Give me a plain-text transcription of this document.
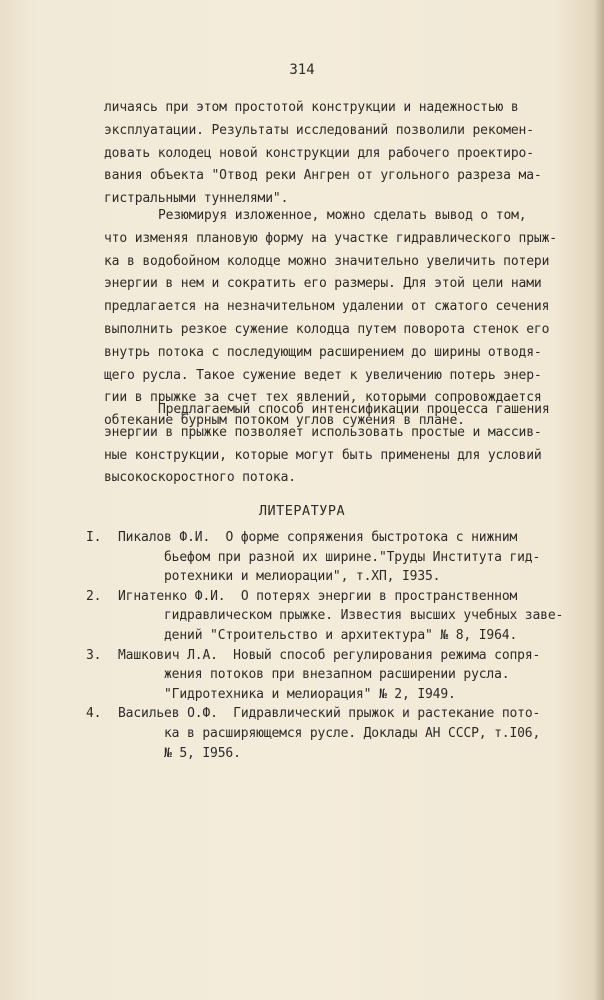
314
личаясь при этом простотой конструкции и надежностью в
эксплуатации. Результаты исследований позволили рекомен-
довать колодец новой конструкции для рабочего проектиро-
вания объекта "Отвод реки Ангрен от угольного разреза ма-
гистральными туннелями".
Резюмируя изложенное, можно сделать вывод о том,
что изменяя плановую форму на участке гидравлического прыж-
ка в водобойном колодце можно значительно увеличить потери
энергии в нем и сократить его размеры. Для этой цели нами
предлагается на незначительном удалении от сжатого сечения
выполнить резкое сужение колодца путем поворота стенок его
внутрь потока с последующим расширением до ширины отводя-
щего русла. Такое сужение ведет к увеличению потерь энер-
гии в прыжке за счет тех явлений, которыми сопровождается
обтекание бурным потоком углов сужения в плане.
Предлагаемый способ интенсификации процесса гашения
энергии в прыжке позволяет использовать простые и массив-
ные конструкции, которые могут быть применены для условий
высокоскоростного потока.
ЛИТЕРАТУРА
I. Пикалов Ф.И.  О форме сопряжения быстротока с нижним
бьефом при разной их ширине."Труды Института гид-
ротехники и мелиорации", т.ХП, I935.
2. Игнатенко Ф.И.  О потерях энергии в пространственном
гидравлическом прыжке. Известия высших учебных заве-
дений "Строительство и архитектура" № 8, I964.
3. Машкович Л.А.  Новый способ регулирования режима сопря-
жения потоков при внезапном расширении русла.
"Гидротехника и мелиорация" № 2, I949.
4. Васильев О.Ф.  Гидравлический прыжок и растекание пото-
ка в расширяющемся русле. Доклады АН СССР, т.I06,
№ 5, I956.
